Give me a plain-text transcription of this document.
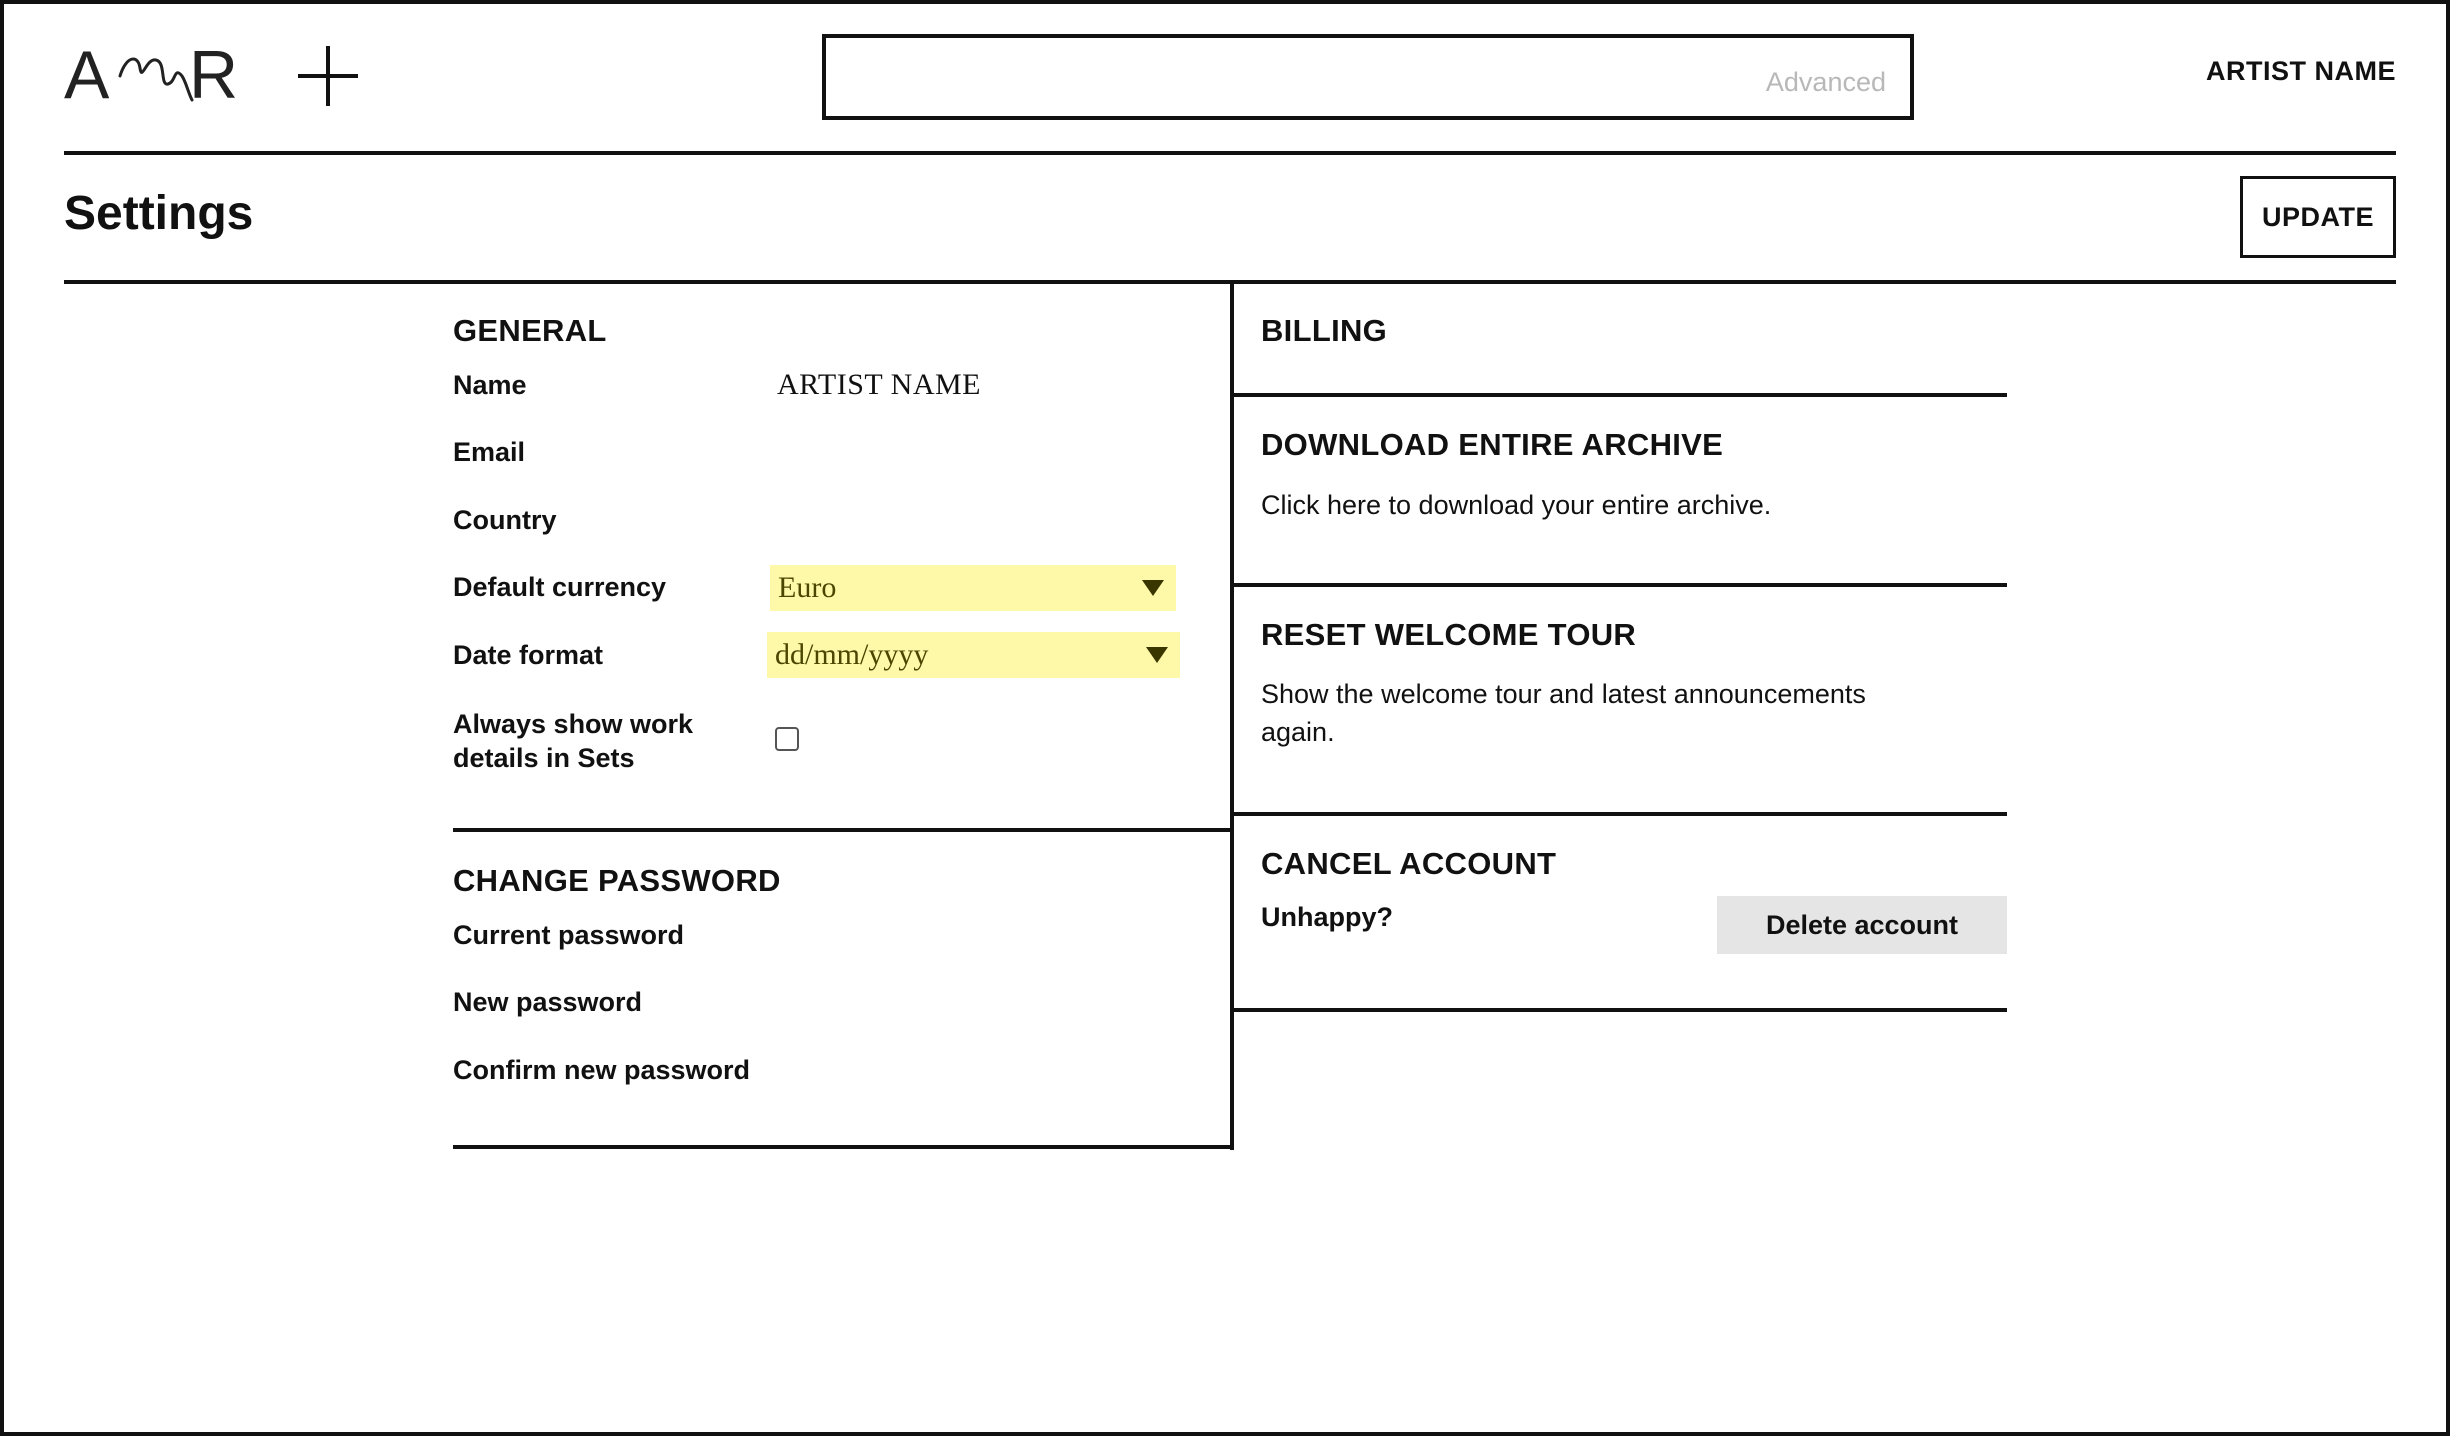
A R	Advanced	ARTIST NAME
Settings	UPDATE
GENERAL
Name	ARTIST NAME
Email
Country
Default currency	Euro
Date format	dd/mm/yyyy
Always show work
details in Sets
CHANGE PASSWORD
Current password
New password
Confirm new password
BILLING
DOWNLOAD ENTIRE ARCHIVE
Click here to download your entire archive.
RESET WELCOME TOUR
Show the welcome tour and latest announcements
again.
CANCEL ACCOUNT
Unhappy?	Delete account
